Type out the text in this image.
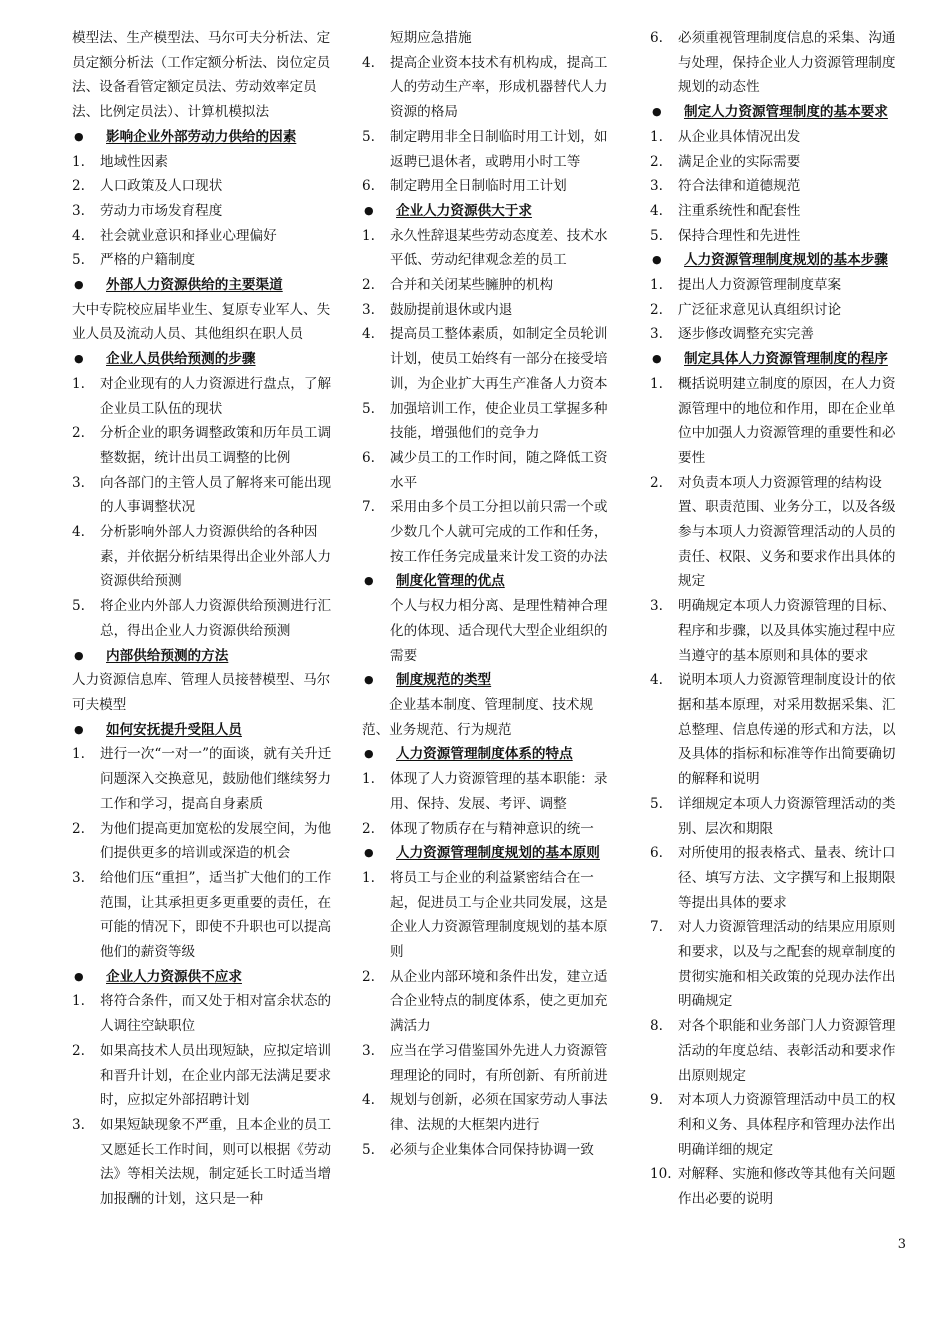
模型法、生产模型法、马尔可夫分析法、定员定额分析法（工作定额分析法、岗位定员法、设备看管定额定员法、劳动效率定员法、比例定员法）、计算机模拟法
●	影响企业外部劳动力供给的因素
1.	地域性因素
2.	人口政策及人口现状
3.	劳动力市场发育程度
4.	社会就业意识和择业心理偏好
5.	严格的户籍制度
●	外部人力资源供给的主要渠道
大中专院校应届毕业生、复原专业军人、失业人员及流动人员、其他组织在职人员
●	企业人员供给预测的步骤
1.	对企业现有的人力资源进行盘点，了解企业员工队伍的现状
2.	分析企业的职务调整政策和历年员工调整数据，统计出员工调整的比例
3.	向各部门的主管人员了解将来可能出现的人事调整状况
4.	分析影响外部人力资源供给的各种因素，并依据分析结果得出企业外部人力资源供给预测
5.	将企业内外部人力资源供给预测进行汇总，得出企业人力资源供给预测
●	内部供给预测的方法
人力资源信息库、管理人员接替模型、马尔可夫模型
●	如何安抚提升受阻人员
1.	进行一次“一对一”的面谈，就有关升迁问题深入交换意见，鼓励他们继续努力工作和学习，提高自身素质
2.	为他们提高更加宽松的发展空间，为他们提供更多的培训或深造的机会
3.	给他们压“重担”，适当扩大他们的工作范围，让其承担更多更重要的责任，在可能的情况下，即使不升职也可以提高他们的薪资等级
●	企业人力资源供不应求
1.	将符合条件，而又处于相对富余状态的人调往空缺职位
2.	如果高技术人员出现短缺，应拟定培训和晋升计划，在企业内部无法满足要求时，应拟定外部招聘计划
3.	如果短缺现象不严重，且本企业的员工又愿延长工作时间，则可以根据《劳动法》等相关法规，制定延长工时适当增加报酬的计划，这只是一种
短期应急措施
4.	提高企业资本技术有机构成，提高工人的劳动生产率，形成机器替代人力资源的格局
5.	制定聘用非全日制临时用工计划，如返聘已退休者，或聘用小时工等
6.	制定聘用全日制临时用工计划
●	企业人力资源供大于求
1.	永久性辞退某些劳动态度差、技术水平低、劳动纪律观念差的员工
2.	合并和关闭某些臃肿的机构
3.	鼓励提前退休或内退
4.	提高员工整体素质，如制定全员轮训计划，使员工始终有一部分在接受培训，为企业扩大再生产准备人力资本
5.	加强培训工作，使企业员工掌握多种技能，增强他们的竞争力
6.	减少员工的工作时间，随之降低工资水平
7.	采用由多个员工分担以前只需一个或少数几个人就可完成的工作和任务，按工作任务完成量来计发工资的办法
●	制度化管理的优点
个人与权力相分离、是理性精神合理化的体现、适合现代大型企业组织的需要
●	制度规范的类型
　　企业基本制度、管理制度、技术规范、业务规范、行为规范
●	人力资源管理制度体系的特点
1.	体现了人力资源管理的基本职能：录用、保持、发展、考评、调整
2.	体现了物质存在与精神意识的统一
●	人力资源管理制度规划的基本原则
1.	将员工与企业的利益紧密结合在一起，促进员工与企业共同发展，这是企业人力资源管理制度规划的基本原则
2.	从企业内部环境和条件出发，建立适合企业特点的制度体系，使之更加充满活力
3.	应当在学习借鉴国外先进人力资源管理理论的同时，有所创新、有所前进
4.	规划与创新，必须在国家劳动人事法律、法规的大框架内进行
5.	必须与企业集体合同保持协调一致
6.	必须重视管理制度信息的采集、沟通与处理，保持企业人力资源管理制度规划的动态性
●	制定人力资源管理制度的基本要求
1.	从企业具体情况出发
2.	满足企业的实际需要
3.	符合法律和道德规范
4.	注重系统性和配套性
5.	保持合理性和先进性
●	人力资源管理制度规划的基本步骤
1.	提出人力资源管理制度草案
2.	广泛征求意见认真组织讨论
3.	逐步修改调整充实完善
●	制定具体人力资源管理制度的程序
1.	概括说明建立制度的原因，在人力资源管理中的地位和作用，即在企业单位中加强人力资源管理的重要性和必要性
2.	对负责本项人力资源管理的结构设置、职责范围、业务分工，以及各级参与本项人力资源管理活动的人员的责任、权限、义务和要求作出具体的规定
3.	明确规定本项人力资源管理的目标、程序和步骤，以及具体实施过程中应当遵守的基本原则和具体的要求
4.	说明本项人力资源管理制度设计的依据和基本原理，对采用数据采集、汇总整理、信息传递的形式和方法，以及具体的指标和标准等作出简要确切的解释和说明
5.	详细规定本项人力资源管理活动的类别、层次和期限
6.	对所使用的报表格式、量表、统计口径、填写方法、文字撰写和上报期限等提出具体的要求
7.	对人力资源管理活动的结果应用原则和要求，以及与之配套的规章制度的贯彻实施和相关政策的兑现办法作出明确规定
8.	对各个职能和业务部门人力资源管理活动的年度总结、表彰活动和要求作出原则规定
9.	对本项人力资源管理活动中员工的权利和义务、具体程序和管理办法作出明确详细的规定
10. 对解释、实施和修改等其他有关问题作出必要的说明
3
